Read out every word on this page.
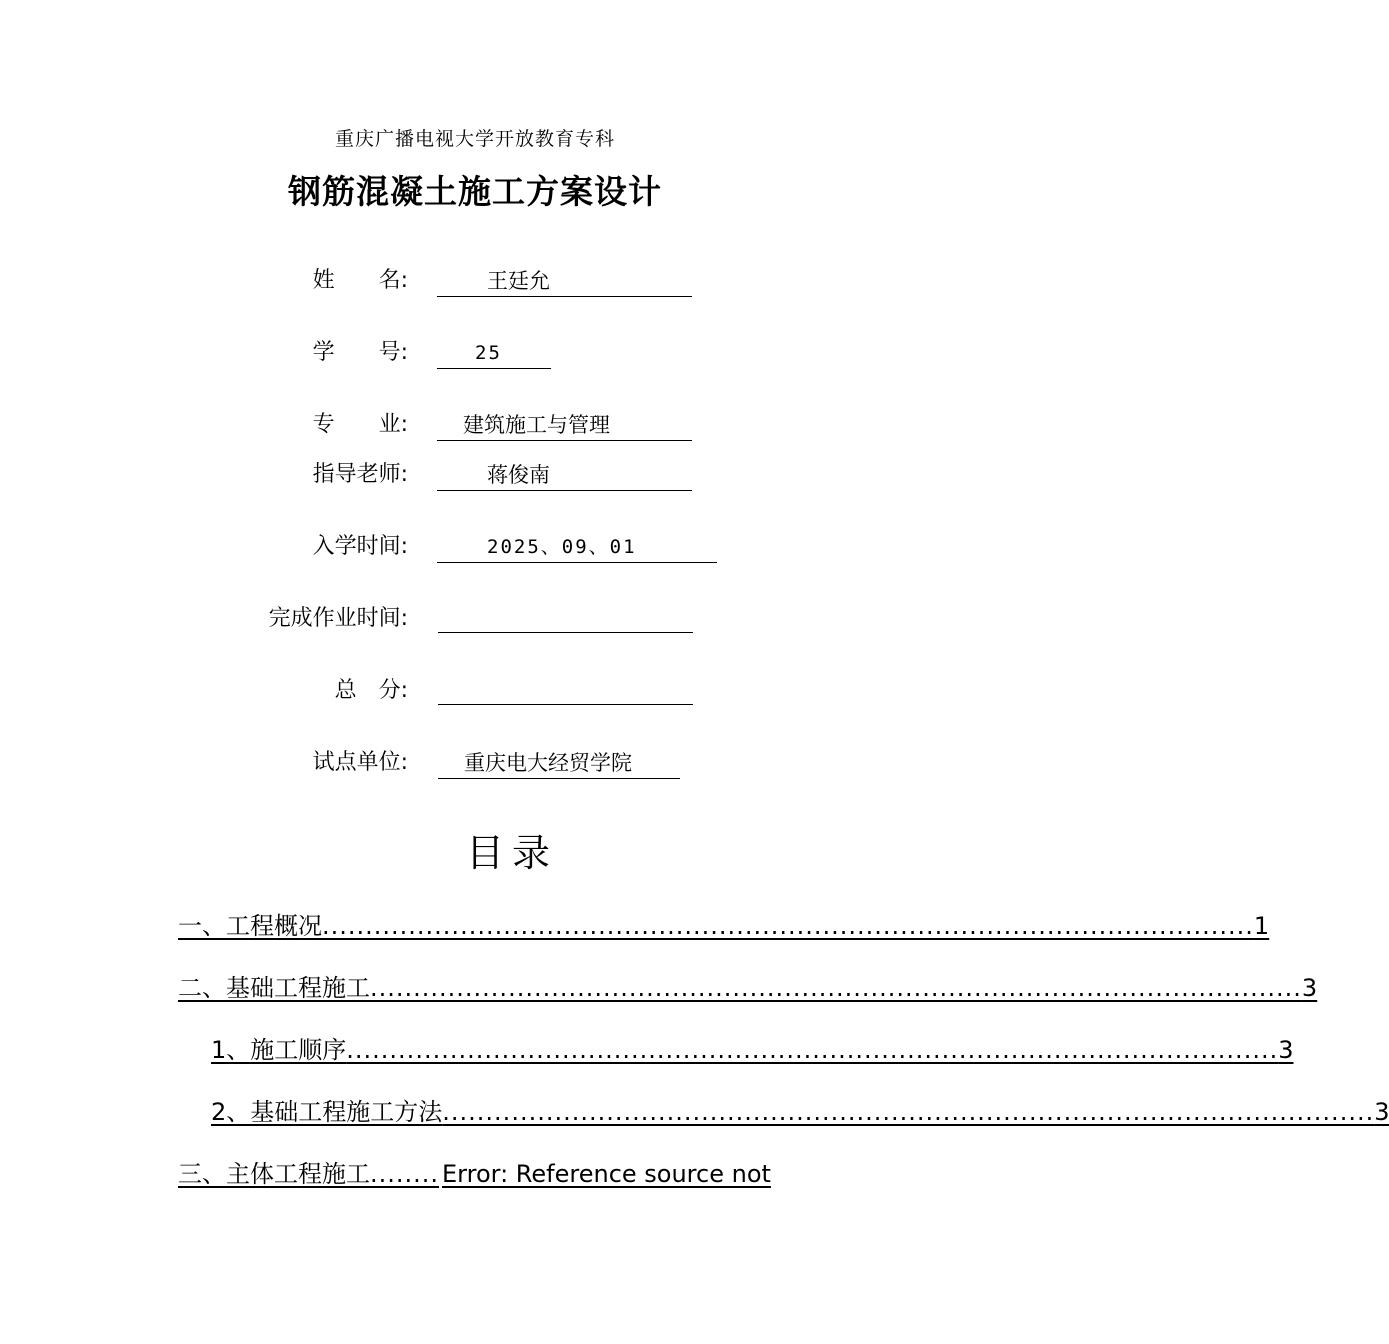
重庆广播电视大学开放教育专科
钢筋混凝土施工方案设计
姓　　名:	王廷允
学　　号:	25
专　　业:	建筑施工与管理
指导老师:	蒋俊南
入学时间:	2025、09、01
完成作业时间:
总　分:
试点单位:	重庆电大经贸学院
目录
一、工程概况 ............................................................................................................ 1
二、基础工程施工 ............................................................................................................ 3
1、施工顺序 ............................................................................................................ 3
2、基础工程施工方法 ............................................................................................................ 3
三、主体工程施工 ........ Error: Reference source not
